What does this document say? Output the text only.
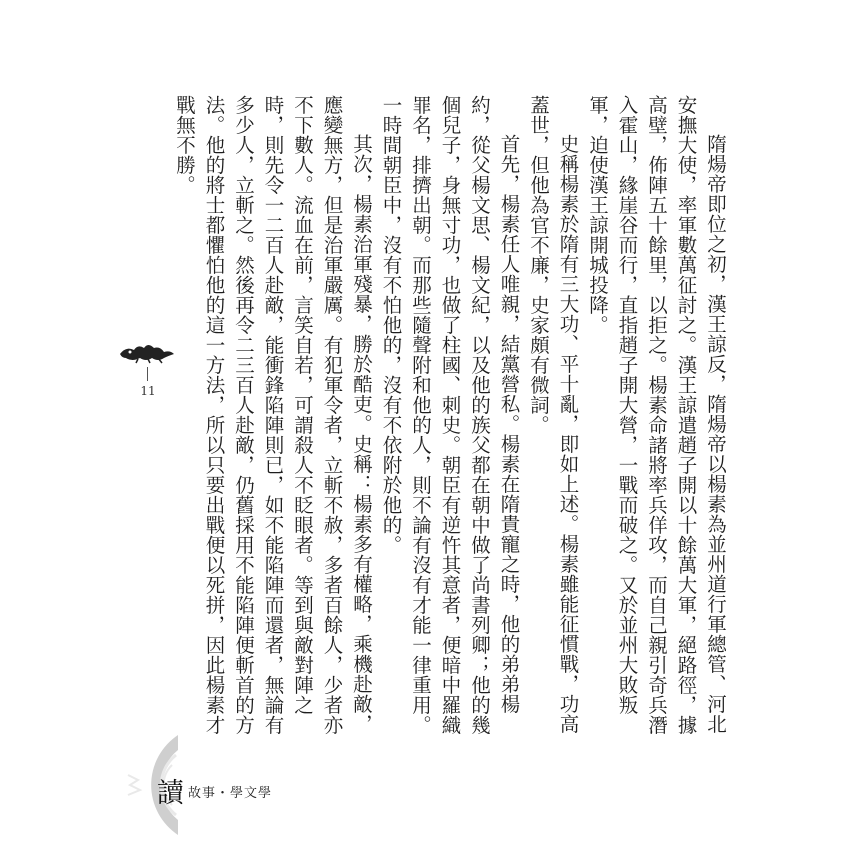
隋煬帝即位之初，漢王諒反，隋煬帝以楊素為並州道行軍總管、河北安撫大使，率軍數萬征討之。漢王諒遣趙子開以十餘萬大軍，絕路徑，據高壁，佈陣五十餘里，以拒之。楊素命諸將率兵佯攻，而自己親引奇兵潛入霍山，緣崖谷而行，直指趙子開大營，一戰而破之。又於並州大敗叛軍，迫使漢王諒開城投降。

史稱楊素於隋有三大功、平十亂，即如上述。楊素雖能征慣戰，功高蓋世，但他為官不廉，史家頗有微詞。

首先，楊素任人唯親，結黨營私。楊素在隋貴寵之時，他的弟弟楊約，從父楊文思、楊文紀，以及他的族父都在朝中做了尚書列卿；他的幾個兒子，身無寸功，也做了柱國、刺史。朝臣有逆忤其意者，便暗中羅織罪名，排擠出朝。而那些隨聲附和他的人，則不論有沒有才能一律重用。一時間朝臣中，沒有不怕他的，沒有不依附於他的。

其次，楊素治軍殘暴，勝於酷吏。史稱：楊素多有權略，乘機赴敵，應變無方，但是治軍嚴厲。有犯軍令者，立斬不赦，多者百餘人，少者亦不下數人。流血在前，言笑自若，可謂殺人不眨眼者。等到與敵對陣之時，則先令一二百人赴敵，能衝鋒陷陣則已，如不能陷陣而還者，無論有多少人，立斬之。然後再令二三百人赴敵，仍舊採用不能陷陣便斬首的方法。他的將士都懼怕他的這一方法，所以只要出戰便以死拼，因此楊素才戰無不勝。

11
讀 故事・學文學
